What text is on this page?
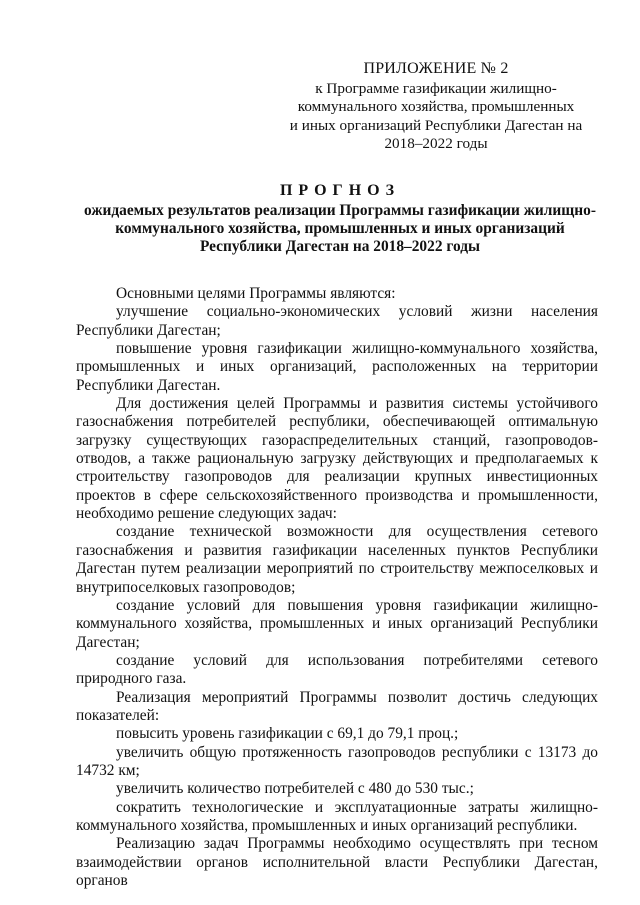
ПРИЛОЖЕНИЕ № 2
к Программе газификации жилищно-
коммунального хозяйства, промышленных
и иных организаций Республики Дагестан на
2018–2022 годы
ПРОГНОЗ
ожидаемых результатов реализации Программы газификации жилищно-
коммунального хозяйства, промышленных и иных организаций
Республики Дагестан на 2018–2022 годы

Основными целями Программы являются:

улучшение социально-экономических условий жизни населения Республики Дагестан;

повышение уровня газификации жилищно-коммунального хозяйства, промышленных и иных организаций, расположенных на территории Республики Дагестан.

Для достижения целей Программы и развития системы устойчивого газоснабжения потребителей республики, обеспечивающей оптимальную загрузку существующих газораспределительных станций, газопроводов-отводов, а также рациональную загрузку действующих и предполагаемых к строительству газопроводов для реализации крупных инвестиционных проектов в сфере сельскохозяйственного производства и промышленности, необходимо решение следующих задач:

создание технической возможности для осуществления сетевого газоснабжения и развития газификации населенных пунктов Республики Дагестан путем реализации мероприятий по строительству межпоселковых и внутрипоселковых газопроводов;

создание условий для повышения уровня газификации жилищно-коммунального хозяйства, промышленных и иных организаций Республики Дагестан;

создание условий для использования потребителями сетевого природного газа.

Реализация мероприятий Программы позволит достичь следующих показателей:

повысить уровень газификации с 69,1 до 79,1 проц.;

увеличить общую протяженность газопроводов республики с 13173 до 14732 км;

увеличить количество потребителей с 480 до 530 тыс.;

сократить технологические и эксплуатационные затраты жилищно-коммунального хозяйства, промышленных и иных организаций республики.

Реализацию задач Программы необходимо осуществлять при тесном взаимодействии органов исполнительной власти Республики Дагестан, органов
